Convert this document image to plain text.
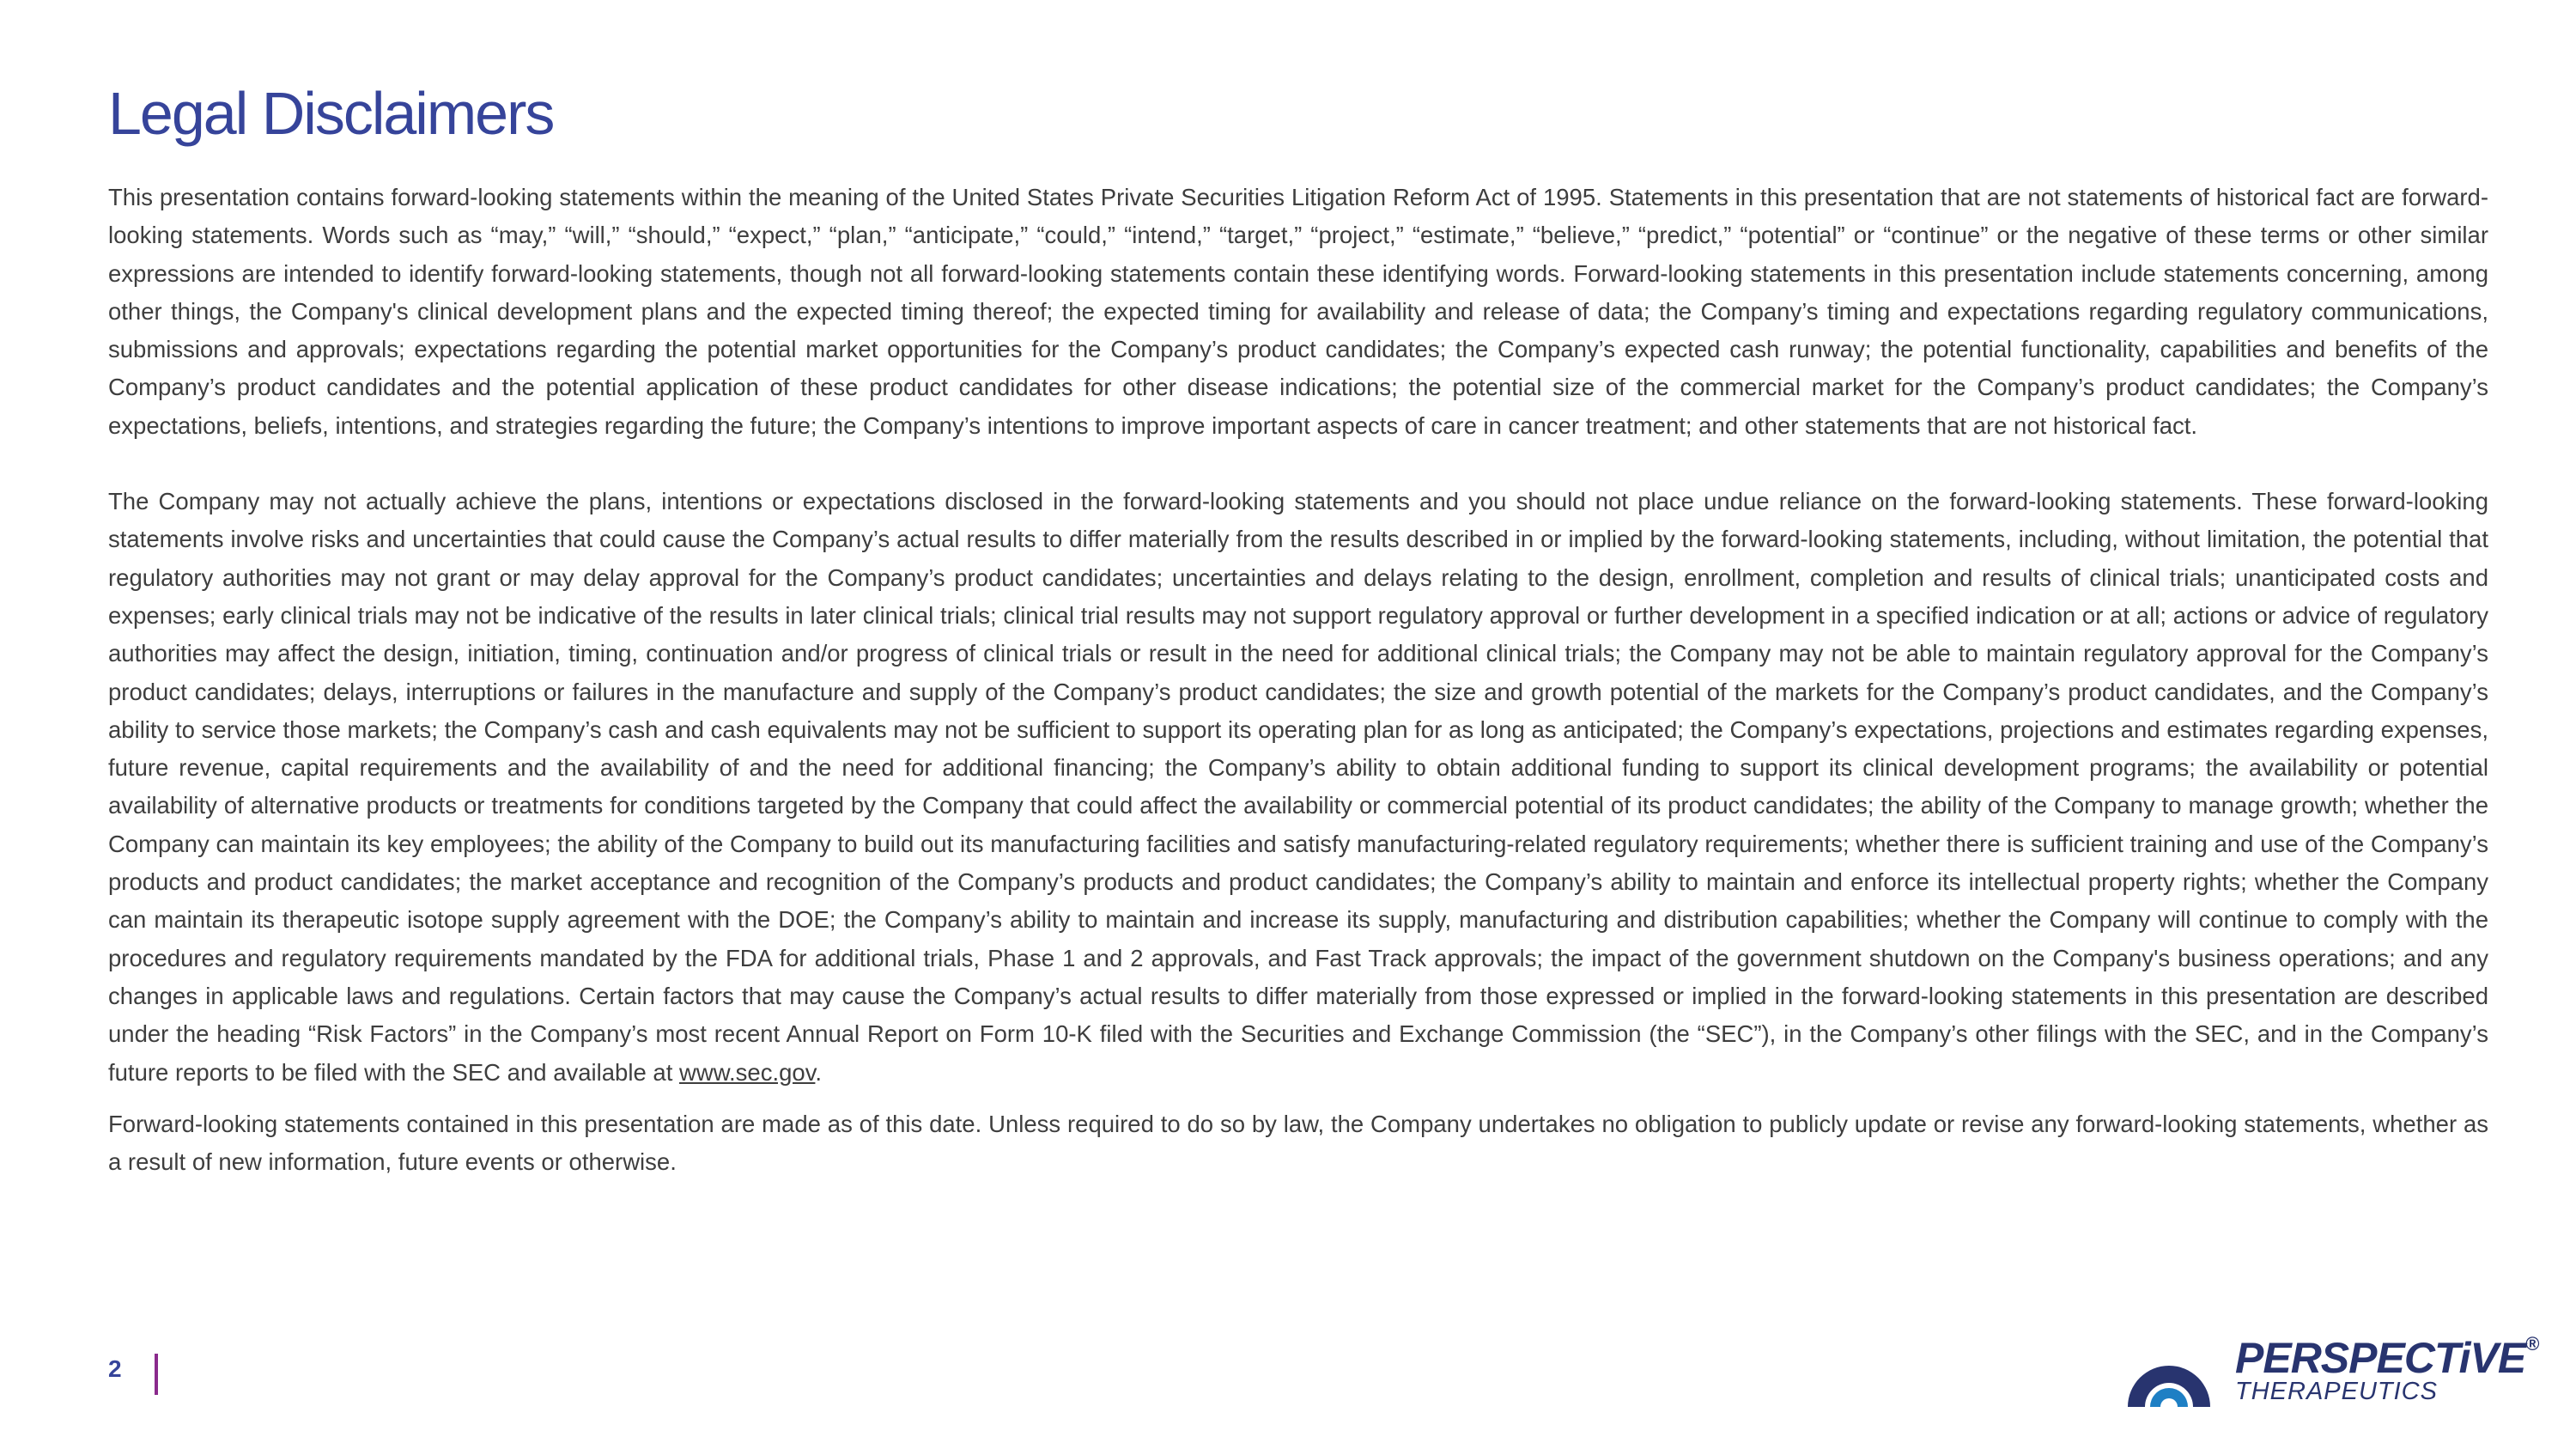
Legal Disclaimers

This presentation contains forward-looking statements within the meaning of the United States Private Securities Litigation Reform Act of 1995. Statements in this presentation that are not statements of historical fact are forward-looking statements. Words such as “may,” “will,” “should,” “expect,” “plan,” “anticipate,” “could,” “intend,” “target,” “project,” “estimate,” “believe,” “predict,” “potential” or “continue” or the negative of these terms or other similar expressions are intended to identify forward-looking statements, though not all forward-looking statements contain these identifying words. Forward-looking statements in this presentation include statements concerning, among other things, the Company's clinical development plans and the expected timing thereof; the expected timing for availability and release of data; the Company’s timing and expectations regarding regulatory communications, submissions and approvals; expectations regarding the potential market opportunities for the Company’s product candidates; the Company’s expected cash runway; the potential functionality, capabilities and benefits of the Company’s product candidates and the potential application of these product candidates for other disease indications; the potential size of the commercial market for the Company’s product candidates; the Company’s expectations, beliefs, intentions, and strategies regarding the future; the Company’s intentions to improve important aspects of care in cancer treatment; and other statements that are not historical fact.

The Company may not actually achieve the plans, intentions or expectations disclosed in the forward-looking statements and you should not place undue reliance on the forward-looking statements. These forward-looking statements involve risks and uncertainties that could cause the Company’s actual results to differ materially from the results described in or implied by the forward-looking statements, including, without limitation, the potential that regulatory authorities may not grant or may delay approval for the Company’s product candidates; uncertainties and delays relating to the design, enrollment, completion and results of clinical trials; unanticipated costs and expenses; early clinical trials may not be indicative of the results in later clinical trials; clinical trial results may not support regulatory approval or further development in a specified indication or at all; actions or advice of regulatory authorities may affect the design, initiation, timing, continuation and/or progress of clinical trials or result in the need for additional clinical trials; the Company may not be able to maintain regulatory approval for the Company’s product candidates; delays, interruptions or failures in the manufacture and supply of the Company’s product candidates; the size and growth potential of the markets for the Company’s product candidates, and the Company’s ability to service those markets; the Company’s cash and cash equivalents may not be sufficient to support its operating plan for as long as anticipated; the Company’s expectations, projections and estimates regarding expenses, future revenue, capital requirements and the availability of and the need for additional financing; the Company’s ability to obtain additional funding to support its clinical development programs; the availability or potential availability of alternative products or treatments for conditions targeted by the Company that could affect the availability or commercial potential of its product candidates; the ability of the Company to manage growth; whether the Company can maintain its key employees; the ability of the Company to build out its manufacturing facilities and satisfy manufacturing-related regulatory requirements; whether there is sufficient training and use of the Company’s products and product candidates; the market acceptance and recognition of the Company’s products and product candidates; the Company’s ability to maintain and enforce its intellectual property rights; whether the Company can maintain its therapeutic isotope supply agreement with the DOE; the Company’s ability to maintain and increase its supply, manufacturing and distribution capabilities; whether the Company will continue to comply with the procedures and regulatory requirements mandated by the FDA for additional trials, Phase 1 and 2 approvals, and Fast Track approvals; the impact of the government shutdown on the Company's business operations; and any changes in applicable laws and regulations. Certain factors that may cause the Company’s actual results to differ materially from those expressed or implied in the forward-looking statements in this presentation are described under the heading “Risk Factors” in the Company’s most recent Annual Report on Form 10-K filed with the Securities and Exchange Commission (the “SEC”), in the Company’s other filings with the SEC, and in the Company’s future reports to be filed with the SEC and available at www.sec.gov.

Forward-looking statements contained in this presentation are made as of this date. Unless required to do so by law, the Company undertakes no obligation to publicly update or revise any forward-looking statements, whether as a result of new information, future events or otherwise.

2	PERSPECTiVE®
THERAPEUTICS
